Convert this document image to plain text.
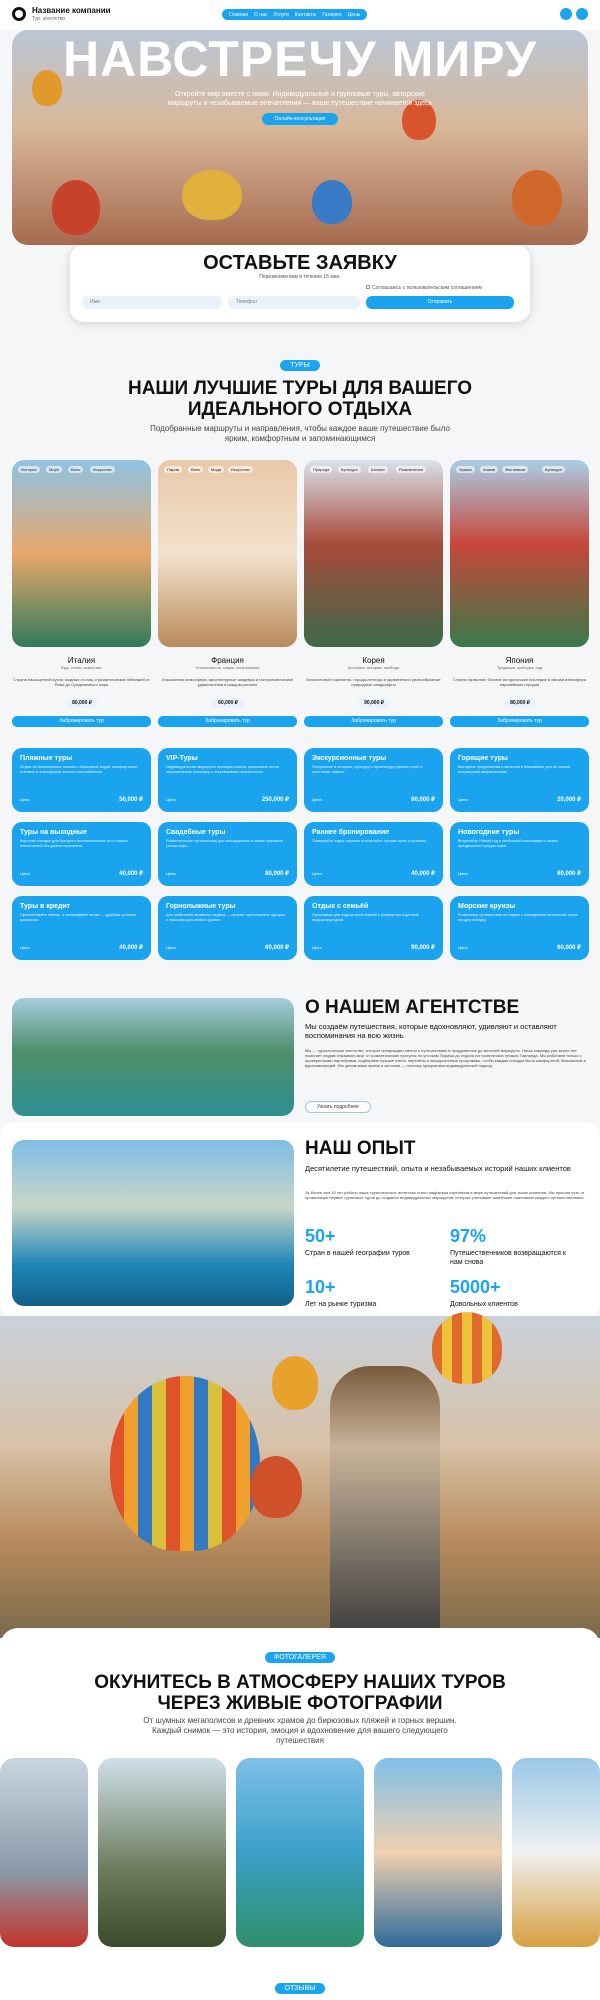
Название компании
Тур. агентство
Главная О нас Услуги Контакты Галерея Цены
НАВСТРЕЧУ МИРУ
Откройте мир вместе с нами. Индивидуальные и групповые туры, авторские маршруты и незабываемые впечатления — ваше путешествие начинается здесь
Онлайн-консультация
ОСТАВЬТЕ ЗАЯВКУ
Перезвоним вам в течение 15 мин.
Соглашаюсь с пользовательским соглашением
Имя	Телефон	Отправить
ТУРЫ
НАШИ ЛУЧШИЕ ТУРЫ ДЛЯ ВАШЕГО ИДЕАЛЬНОГО ОТДЫХА
Подобранные маршруты и направления, чтобы каждое ваше путешествие было ярким, комфортным и запоминающимся
История	Море	Вино	Искусство	Париж	Вино	Мода	Искусство	Природа	Культура	Шопинг	Развлечения	Храмы	Аниме	Фестивали	Культура
Италия	Франция	Корея	Япония
Еда, стиль, искусство	Утонченность, шарм, гастрономия	Контраст, история, свобода	Традиции, культура, сад
Страна насыщенной кухни, модных столиц и романтических пейзажей от Рима до Средиземного моря
Изысканная атмосфера, архитектурные шедевры и гастрономические удовольствия в каждом регионе
Бесконечные горизонты, города-легенды и удивительно разнообразные природные ландшафты
Страна гармонии: богатое историческое наследие и мягкая атмосфера европейских городов
80,000 ₽	60,000 ₽	90,000 ₽	80,000 ₽
Забронировать тур	Забронировать тур	Забронировать тур	Забронировать тур
Пляжные туры
Отдых на белоснежных пляжах с бирюзовой водой, комфортными отелями и атмосферой полного расслабления.
Цена	50,000 ₽
VIP-Туры
Индивидуальные маршруты премиум-класса, роскошные отели, персональный трансфер и эксклюзивные впечатления.
Цена	250,000 ₽
Экскурсионные туры
Погружение в историю, культуру и архитектуру разных стран с опытными гидами.
Цена	60,000 ₽
Горящие туры
Выгодные предложения с вылетом в ближайшие дни по самым популярным направлениям.
Цена	20,000 ₽
Туры на выходные
Короткие поездки для быстрого восстановления сил и новых впечатлений без долгих перелетов.
Цена	40,000 ₽
Свадебные туры
Романтические путешествия для молодоженов в самые красивые уголки мира.
Цена	80,000 ₽
Раннее бронирование
Планируйте отдых заранее и получайте лучшие цены и условия.
Цена	40,000 ₽
Новогодние туры
Встречайте Новый год в необычной атмосфере в самых праздничных городах мира.
Цена	60,000 ₽
Туры в кредит
Путешествуйте сейчас, а оплачивайте позже — удобные условия рассрочки.
Цена	40,000 ₽
Горнолыжные туры
Для любителей активного отдыха — лучшие горнолыжные курорты с трассами для любого уровня.
Цена	60,000 ₽
Отдых с семьёй
Программы для отдыха всей семьей с комфортом и детской инфраструктурой.
Цена	90,000 ₽
Морские круизы
Роскошные путешествия по морям с посещением нескольких стран за одну поездку.
Цена	60,000 ₽
О НАШЕМ АГЕНТСТВЕ
Мы создаём путешествия, которые вдохновляют, удивляют и оставляют воспоминания на всю жизнь
Мы — туристическое агентство, которое превращает мечты о путешествиях в продуманные до мелочей маршруты. Наша команда уже много лет помогает людям открывать мир: от романтических прогулок по улочкам Парижа до отдыха на тропических пляжах Таиланда. Мы работаем только с проверенными партнёрами, подбираем лучшие отели, перелёты и экскурсионные программы, чтобы каждая поездка была комфортной, безопасной и вдохновляющей. Мы ценим ваше время и желания — поэтому предлагаем индивидуальный подход.
Узнать подробнее
НАШ ОПЫТ
Десятилетие путешествий, опыта и незабываемых историй наших клиентов
За более чем 10 лет работы наше туристическое агентство стало надёжным партнёром в мире путешествий для тысяч клиентов. Мы прошли путь от организации первых групповых туров до создания индивидуальных маршрутов, которые учитывают малейшие пожелания каждого путешественника.
50+
Стран в нашей географии туров
97%
Путешественников возвращаются к нам снова
10+
Лет на рынке туризма
5000+
Довольных клиентов
ФОТОГАЛЕРЕЯ
ОКУНИТЕСЬ В АТМОСФЕРУ НАШИХ ТУРОВ ЧЕРЕЗ ЖИВЫЕ ФОТОГРАФИИ
От шумных мегаполисов и древних храмов до бирюзовых пляжей и горных вершин. Каждый снимок — это история, эмоция и вдохновение для вашего следующего путешествия
ОТЗЫВЫ
